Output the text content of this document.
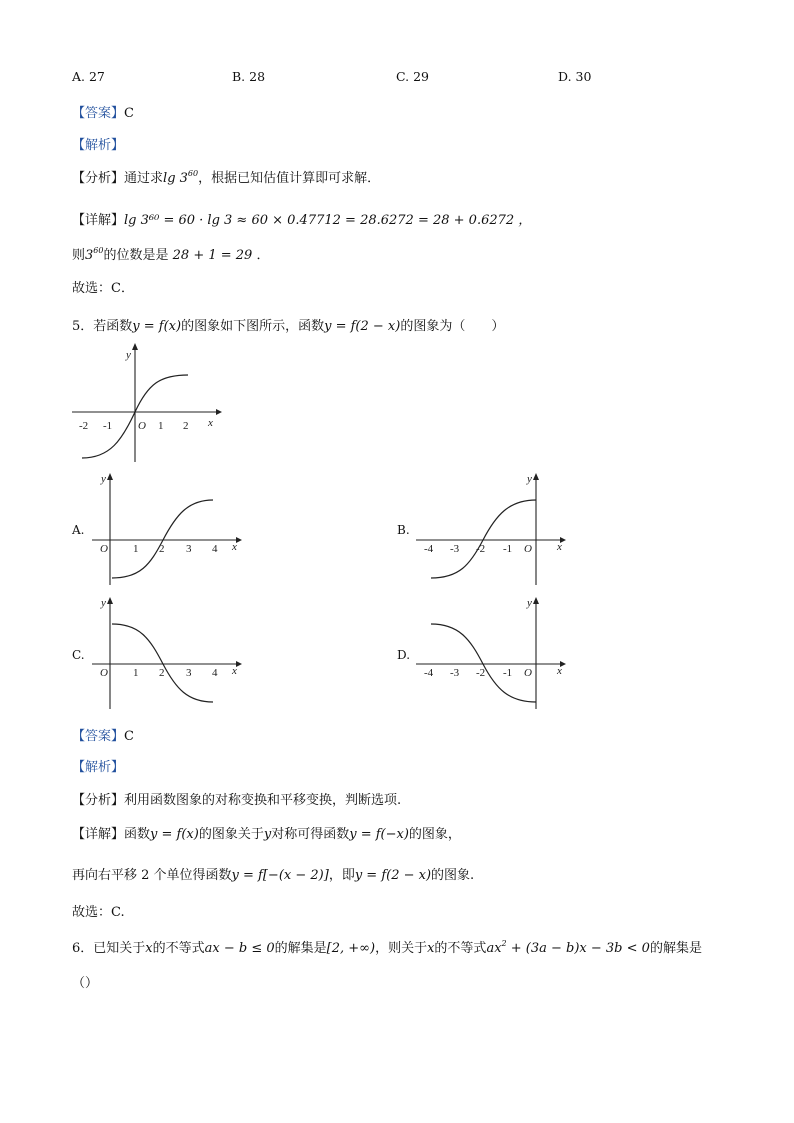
A. 27	B. 28	C. 29	D. 30
【答案】C
【解析】
【分析】通过求$\lg 3^{60}$，根据已知估值计算即可求解．
【详解】lg 3⁶⁰ = 60 · lg 3 ≈ 60 × 0.47712 = 28.6272 = 28 + 0.6272 ，
则$3^{60}$的位数是是 28 + 1 = 29 ．
故选：C．
5．若函数y = f(x)的图象如下图所示，函数y = f(2 − x)的图象为（　　）
-2 -1 O 1 2 x
y
A.
O 1 2 3 4 x
y
B.
-4 -3 -2 -1 O x
y
C.
O 1 2 3 4 x
y
D.
-4 -3 -2 -1 O x
y
【答案】C
【解析】
【分析】利用函数图象的对称变换和平移变换，判断选项.
【详解】函数y = f(x)的图象关于y对称可得函数y = f(−x)的图象，
再向右平移 2 个单位得函数y = f[−(x − 2)]，即y = f(2 − x)的图象.
故选：C.
6．已知关于x的不等式ax − b ≤ 0的解集是[2, +∞)，则关于x的不等式$ax^2 + (3a - b)x - 3b < 0$的解集是
（）
